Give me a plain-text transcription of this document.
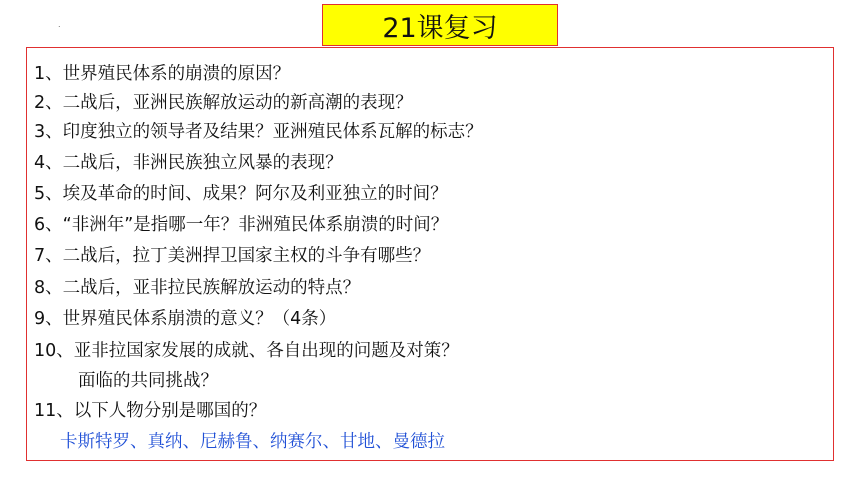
.	21课复习
1、世界殖民体系的崩溃的原因？
2、二战后，亚洲民族解放运动的新高潮的表现？
3、印度独立的领导者及结果？亚洲殖民体系瓦解的标志？
4、二战后，非洲民族独立风暴的表现？
5、埃及革命的时间、成果？阿尔及利亚独立的时间？
6、“非洲年”是指哪一年？非洲殖民体系崩溃的时间？
7、二战后，拉丁美洲捍卫国家主权的斗争有哪些？
8、二战后，亚非拉民族解放运动的特点？
9、世界殖民体系崩溃的意义？（4条）
10、亚非拉国家发展的成就、各自出现的问题及对策？
面临的共同挑战？
11、以下人物分别是哪国的？
卡斯特罗、真纳、尼赫鲁、纳赛尔、甘地、曼德拉
